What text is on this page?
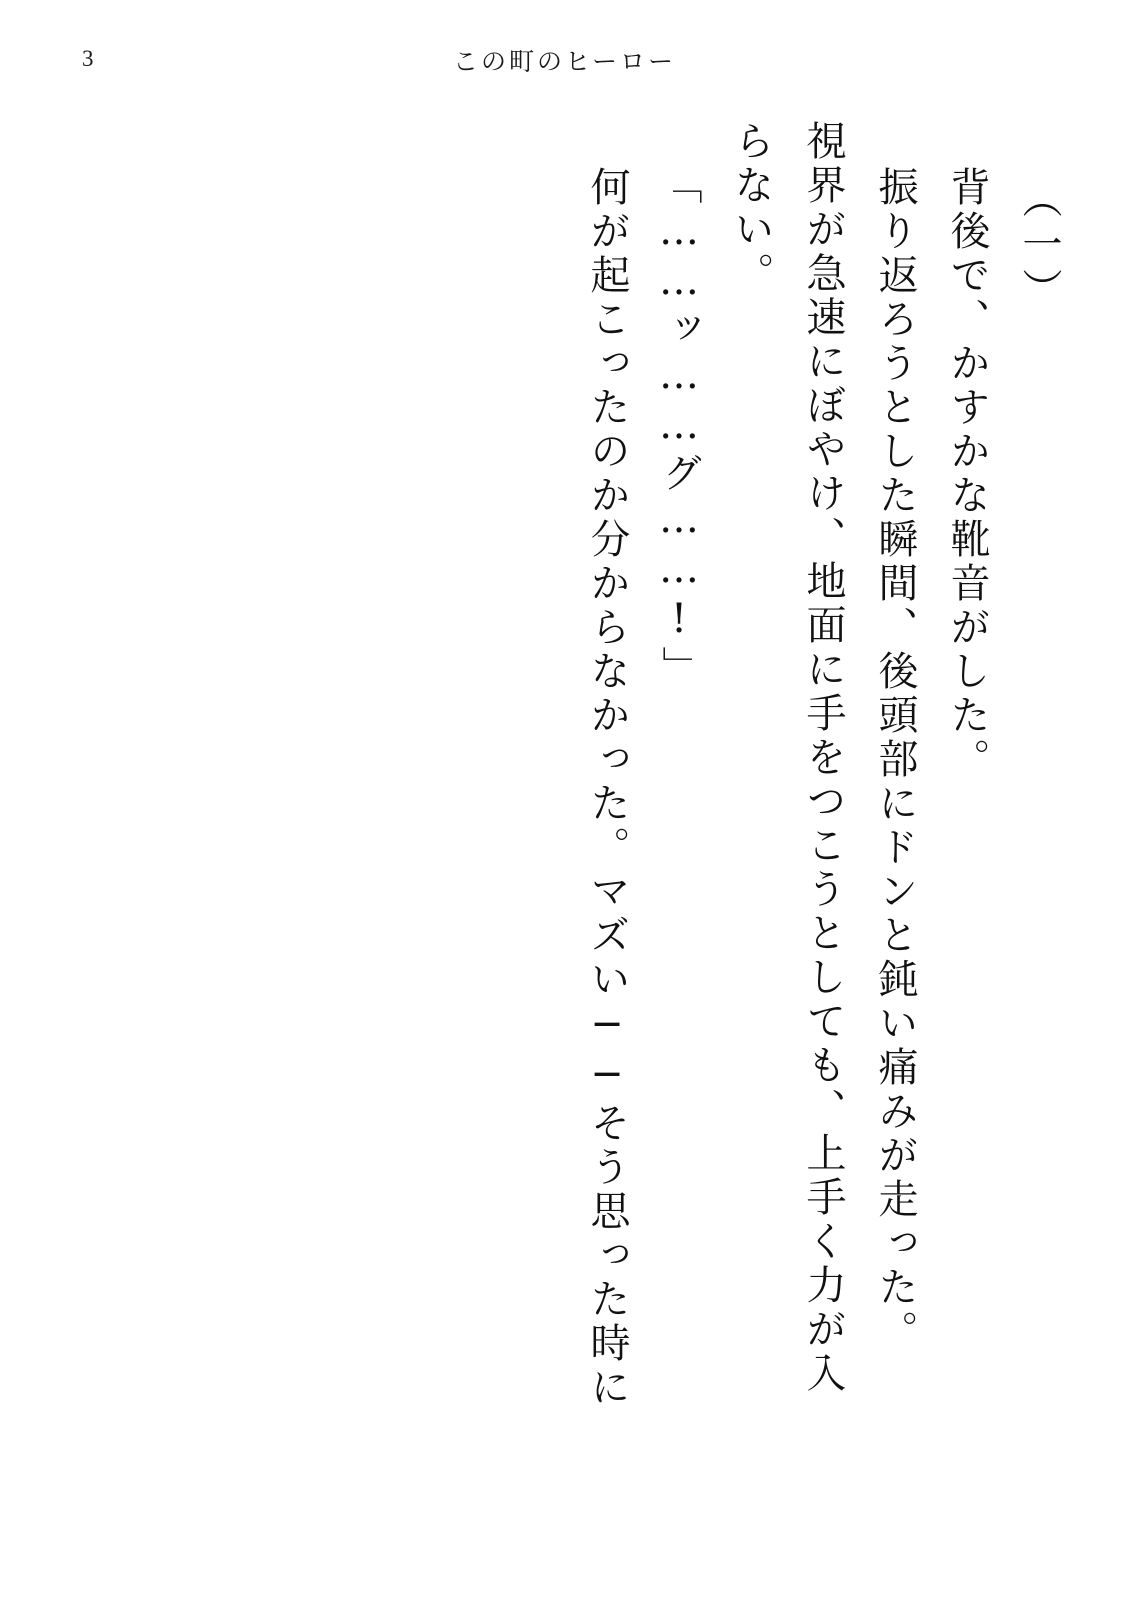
3	この町のヒーロー
（一）
背後で、かすかな靴音がした。
振り返ろうとした瞬間、後頭部にドンと鈍い痛みが走った。
視界が急速にぼやけ、地面に手をつこうとしても、上手く力が入
らない。
「……ッ……グ……!」
何が起こったのか分からなかった。マズい──そう思った時に
